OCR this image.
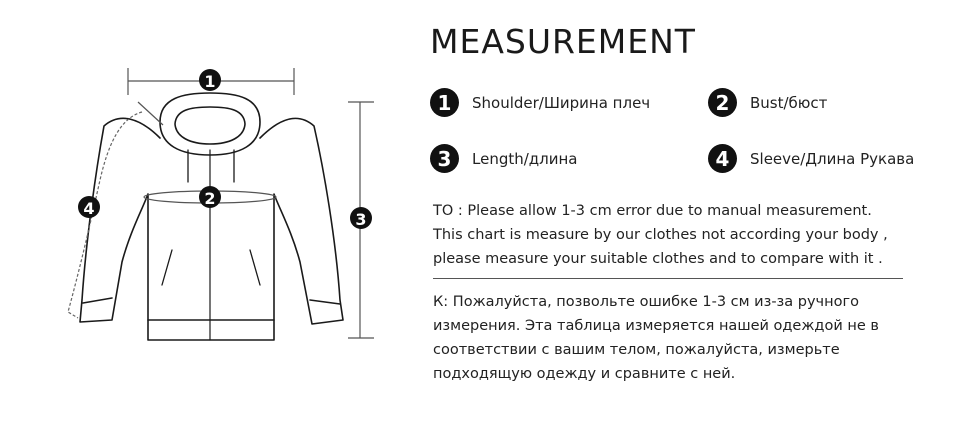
1
2
3
4
MEASUREMENT
1	Shoulder/Ширина плеч	2	Bust/бюст
3	Length/длина	4	Sleeve/Длина Рукава

TO : Please allow 1-3 cm error due to manual measurement.
This chart is measure by our clothes not according your body ,
please measure your suitable clothes and to compare with it .

К: Пожалуйста, позвольте ошибке 1-3 см из-за ручного
измерения. Эта таблица измеряется нашей одеждой не в
соответствии с вашим телом, пожалуйста, измерьте
подходящую одежду и сравните с ней.
